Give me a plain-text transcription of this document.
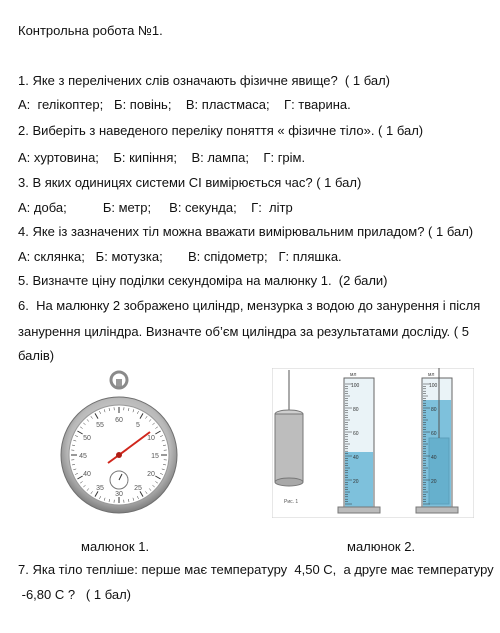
Контрольна робота №1.
1. Яке з перелічених слів означають фізичне явище?  ( 1 бал)
А:  гелікоптер;   Б: повінь;    В: пластмаса;    Г: тварина.
2. Виберіть з наведеного переліку поняття « фізичне тіло». ( 1 бал)
А: хуртовина;    Б: кипіння;    В: лампа;    Г: грім.
3. В яких одиницях системи СІ вимірюється час? ( 1 бал)
А: доба;          Б: метр;     В: секунда;    Г:  літр
4. Яке із зазначених тіл можна вважати вимірювальним приладом? ( 1 бал)
А: склянка;   Б: мотузка;       В: спідометр;   Г: пляшка.
5. Визначте ціну поділки секундоміра на малюнку 1.  (2 бали)
6.  На малюнку 2 зображено циліндр, мензурка з водою до занурення і після
занурення циліндра. Визначте об’єм циліндра за результатами досліду. ( 5
балів)
60
55	5
50	10
45	15
40	20
35	25
30
Рис. 1
мл
100
80
60
40
20
мл
100
80
60
40
20
малюнок 1.	малюнок 2.
7. Яка тіло тепліше: перше має температуру  4,50 С,  а друге має температуру
-6,80 С ?   ( 1 бал)
